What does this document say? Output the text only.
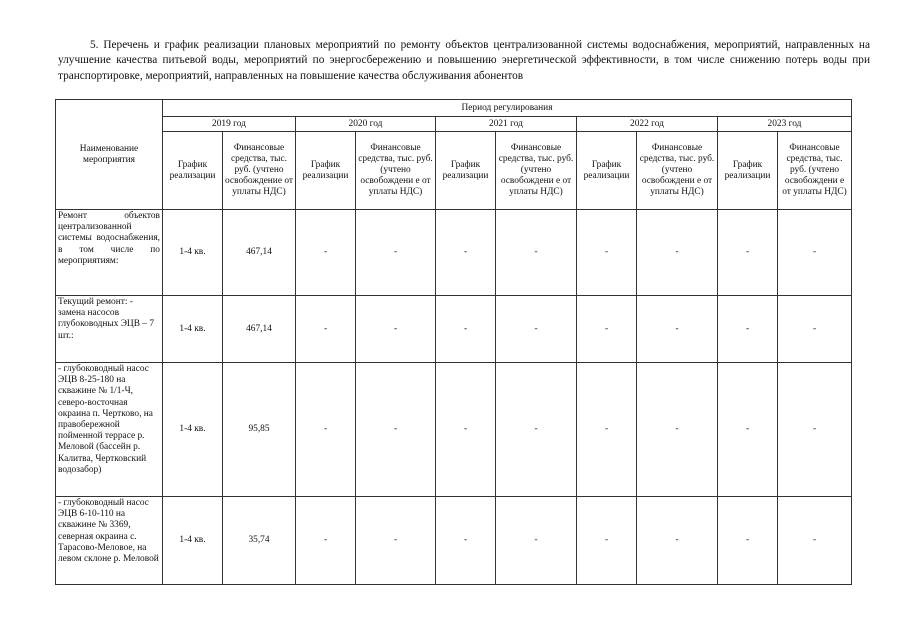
5. Перечень и график реализации плановых мероприятий по ремонту объектов централизованной системы водоснабжения, мероприятий, направленных на улучшение качества питьевой воды, мероприятий по энергосбережению и повышению энергетической эффективности, в том числе снижению потерь воды при транспортировке, мероприятий, направленных на повышение качества обслуживания абонентов
Наименование мероприятия	Период регулирования									
	2019 год		2020 год		2021 год		2022 год		2023 год	
	График реализации	Финансовые средства, тыс. руб. (учтено освобождение от уплаты НДС)	График реализации	Финансовые средства, тыс. руб. (учтено освобождени е от уплаты НДС)	График реализации	Финансовые средства, тыс. руб. (учтено освобождени е от уплаты НДС)	График реализации	Финансовые средства, тыс. руб. (учтено освобождени е от уплаты НДС)	График реализации	Финансовые средства, тыс. руб. (учтено освобождени е от уплаты НДС)
Ремонт объектов централизованной системы водоснабжения, в том числе по мероприятиям:	1-4 кв.	467,14	-	-	-	-	-	-	-	-
Текущий ремонт: - замена насосов глубоководных ЭЦВ – 7 шт.:	1-4 кв.	467,14	-	-	-	-	-	-	-	-
- глубоководный насос ЭЦВ 8-25-180 на скважине № 1/1-Ч, северо-восточная окраина п. Чертково, на правобережной пойменной террасе р. Меловой (бассейн р. Калитва, Чертковский водозабор)	1-4 кв.	95,85	-	-	-	-	-	-	-	-
- глубоководный насос ЭЦВ 6-10-110 на скважине № 3369, северная окраина с. Тарасово-Меловое, на левом склоне р. Меловой	1-4 кв.	35,74	-	-	-	-	-	-	-	-
